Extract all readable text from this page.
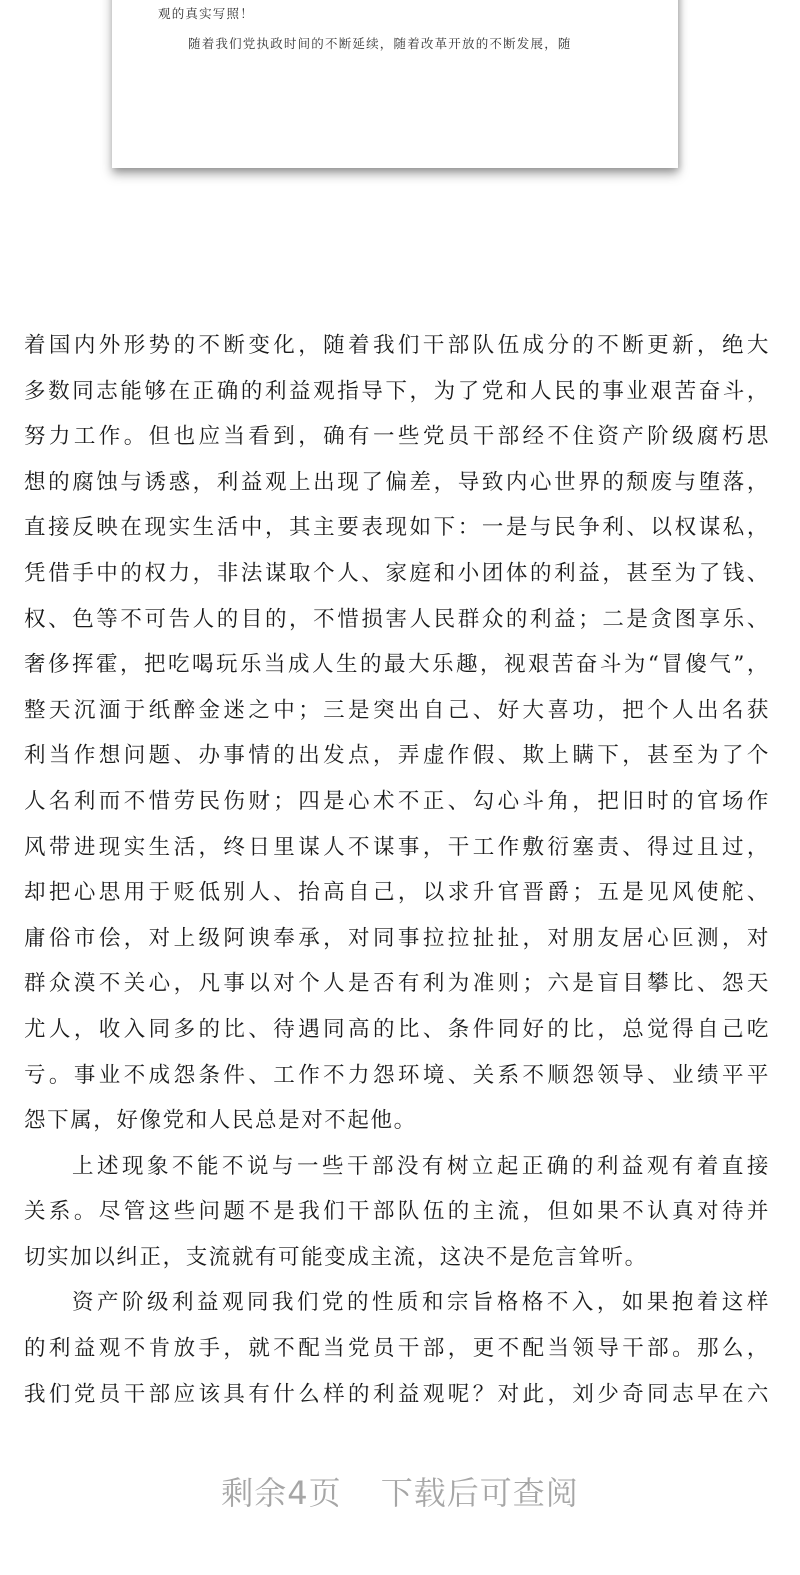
观的真实写照！
随着我们党执政时间的不断延续，随着改革开放的不断发展，随
着国内外形势的不断变化，随着我们干部队伍成分的不断更新，绝大
多数同志能够在正确的利益观指导下，为了党和人民的事业艰苦奋斗，
努力工作。但也应当看到，确有一些党员干部经不住资产阶级腐朽思
想的腐蚀与诱惑，利益观上出现了偏差，导致内心世界的颓废与堕落，
直接反映在现实生活中，其主要表现如下：一是与民争利、以权谋私，
凭借手中的权力，非法谋取个人、家庭和小团体的利益，甚至为了钱、
权、色等不可告人的目的，不惜损害人民群众的利益；二是贪图享乐、
奢侈挥霍，把吃喝玩乐当成人生的最大乐趣，视艰苦奋斗为“冒傻气”，
整天沉湎于纸醉金迷之中；三是突出自己、好大喜功，把个人出名获
利当作想问题、办事情的出发点，弄虚作假、欺上瞒下，甚至为了个
人名利而不惜劳民伤财；四是心术不正、勾心斗角，把旧时的官场作
风带进现实生活，终日里谋人不谋事，干工作敷衍塞责、得过且过，
却把心思用于贬低别人、抬高自己，以求升官晋爵；五是见风使舵、
庸俗市侩，对上级阿谀奉承，对同事拉拉扯扯，对朋友居心叵测，对
群众漠不关心，凡事以对个人是否有利为准则；六是盲目攀比、怨天
尤人，收入同多的比、待遇同高的比、条件同好的比，总觉得自己吃
亏。事业不成怨条件、工作不力怨环境、关系不顺怨领导、业绩平平
怨下属，好像党和人民总是对不起他。
上述现象不能不说与一些干部没有树立起正确的利益观有着直接
关系。尽管这些问题不是我们干部队伍的主流，但如果不认真对待并
切实加以纠正，支流就有可能变成主流，这决不是危言耸听。
资产阶级利益观同我们党的性质和宗旨格格不入，如果抱着这样
的利益观不肯放手，就不配当党员干部，更不配当领导干部。那么，
我们党员干部应该具有什么样的利益观呢？对此，刘少奇同志早在六
剩余4页 下载后可查阅
